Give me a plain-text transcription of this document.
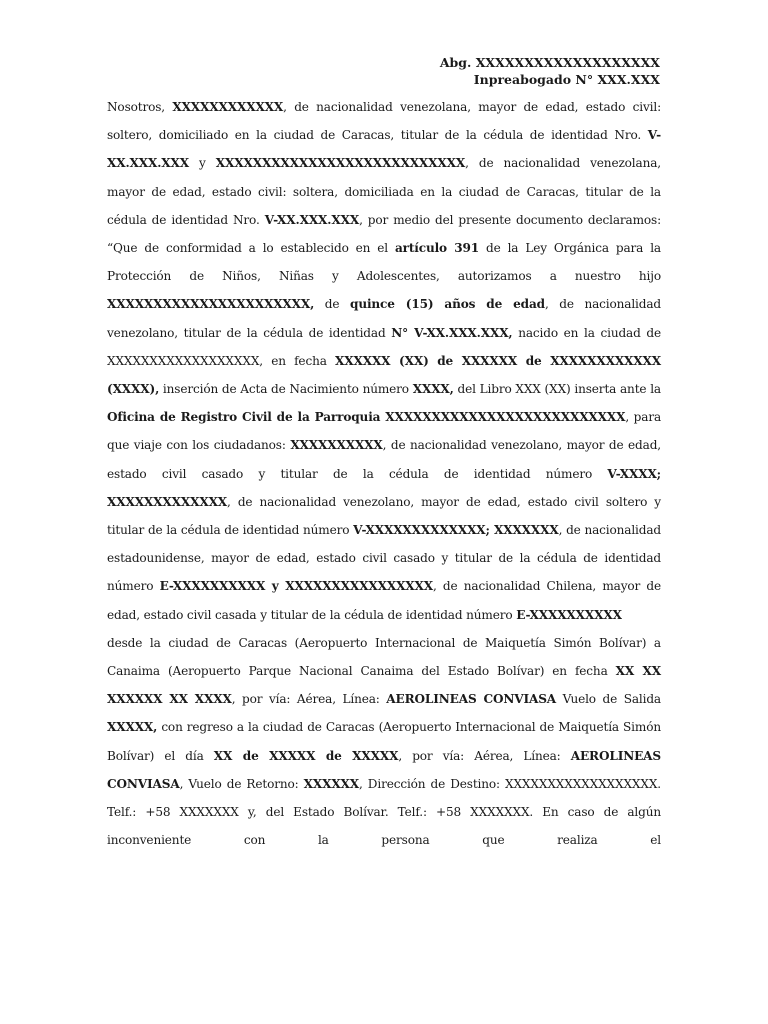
Abg. XXXXXXXXXXXXXXXXXXX
Inpreabogado N° XXX.XXX

Nosotros, XXXXXXXXXXXX, de nacionalidad venezolana, mayor de edad, estado civil: soltero, domiciliado en la ciudad de Caracas, titular de la cédula de identidad Nro. V-XX.XXX.XXX y XXXXXXXXXXXXXXXXXXXXXXXXXXX, de nacionalidad venezolana, mayor de edad, estado civil: soltera, domiciliada en la ciudad de Caracas, titular de la cédula de identidad Nro. V-XX.XXX.XXX, por medio del presente documento declaramos: “Que de conformidad a lo establecido en el artículo 391 de la Ley Orgánica para la Protección de Niños, Niñas y Adolescentes, autorizamos a nuestro hijo XXXXXXXXXXXXXXXXXXXXXX, de quince (15) años de edad, de nacionalidad venezolano, titular de la cédula de identidad N° V-XX.XXX.XXX, nacido en la ciudad de XXXXXXXXXXXXXXXXXX, en fecha XXXXXX (XX) de XXXXXX de XXXXXXXXXXXX (XXXX), inserción de Acta de Nacimiento número XXXX, del Libro XXX (XX) inserta ante la Oficina de Registro Civil de la Parroquia XXXXXXXXXXXXXXXXXXXXXXXXXX, para que viaje con los ciudadanos: XXXXXXXXXX, de nacionalidad venezolano, mayor de edad, estado civil casado y titular de la cédula de identidad número V-XXXX; XXXXXXXXXXXXX, de nacionalidad venezolano, mayor de edad, estado civil soltero y titular de la cédula de identidad número V-XXXXXXXXXXXXX; XXXXXXX, de nacionalidad estadounidense, mayor de edad, estado civil casado y titular de la cédula de identidad número E-XXXXXXXXXX y XXXXXXXXXXXXXXXX, de nacionalidad Chilena, mayor de edad, estado civil casada y titular de la cédula de identidad número E-XXXXXXXXXX

desde la ciudad de Caracas (Aeropuerto Internacional de Maiquetía Simón Bolívar) a Canaima (Aeropuerto Parque Nacional Canaima del Estado Bolívar) en fecha XX XX XXXXXX XX XXXX, por vía: Aérea, Línea: AEROLINEAS CONVIASA Vuelo de Salida XXXXX, con regreso a la ciudad de Caracas (Aeropuerto Internacional de Maiquetía Simón Bolívar) el día XX de XXXXX de XXXXX, por vía: Aérea, Línea: AEROLINEAS CONVIASA, Vuelo de Retorno: XXXXXX, Dirección de Destino: XXXXXXXXXXXXXXXXXX. Telf.: +58 XXXXXXX y, del Estado Bolívar. Telf.: +58 XXXXXXX. En caso de algún inconveniente con la persona que realiza el
